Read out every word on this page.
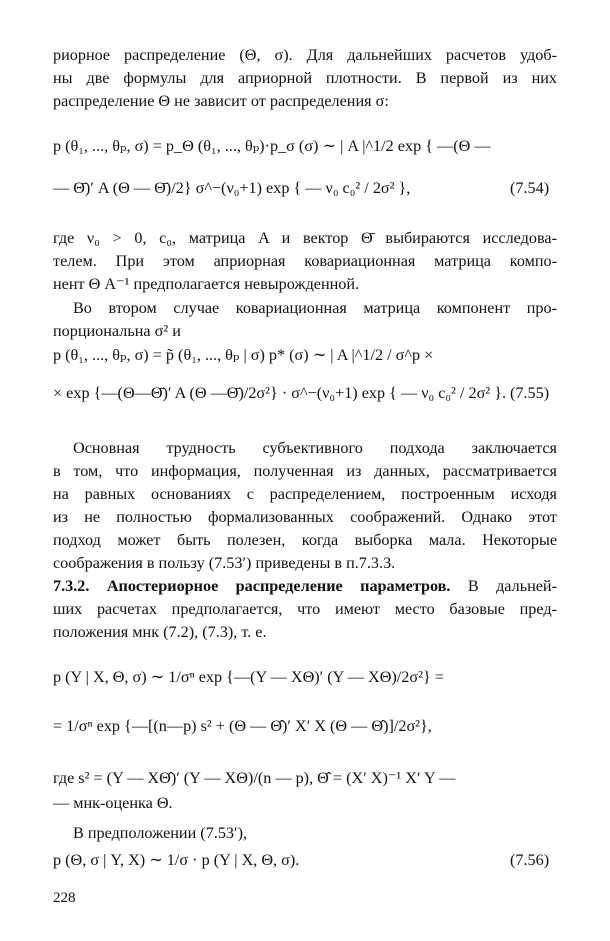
риорное распределение (Θ, σ). Для дальнейших расчетов удоб-
ны две формулы для априорной плотности. В первой из них
распределение Θ не зависит от распределения σ:
p (θ₁, ..., θₚ, σ) = p_Θ (θ₁, ..., θₚ)·p_σ (σ) ∼ | A |^1/2 exp { —(Θ —
— Θ̄)′ A (Θ — Θ̄)/2} σ^−(ν₀+1) exp { — ν₀ c₀² / 2σ² },	(7.54)
где ν₀ > 0, c₀, матрица A и вектор Θ̄ выбираются исследова-
телем. При этом априорная ковариационная матрица компо-
нент Θ A⁻¹ предполагается невырожденной.
Во втором случае ковариационная матрица компонент про-
порциональна σ² и
p (θ₁, ..., θₚ, σ) = p̃ (θ₁, ..., θₚ | σ) p* (σ) ∼ | A |^1/2 / σ^p ×
× exp {—(Θ—Θ̄)′ A (Θ —Θ̄)/2σ²} · σ^−(ν₀+1) exp { — ν₀ c₀² / 2σ² }. (7.55)
Основная трудность субъективного подхода заключается
в том, что информация, полученная из данных, рассматривается
на равных основаниях с распределением, построенным исходя
из не полностью формализованных соображений. Однако этот
подход может быть полезен, когда выборка мала. Некоторые
соображения в пользу (7.53′) приведены в п.7.3.3.
7.3.2. Апостериорное распределение параметров. В дальней-
ших расчетах предполагается, что имеют место базовые пред-
положения мнк (7.2), (7.3), т. е.
p (Y | X, Θ, σ) ∼ 1/σⁿ exp {—(Y — XΘ)′ (Y — XΘ)/2σ²} =
= 1/σⁿ exp {—[(n—p) s² + (Θ — Θ̂)′ X′ X (Θ — Θ̂)]/2σ²},
где s² = (Y — XΘ̂)′ (Y — XΘ)/(n — p), Θ̂ = (X′ X)⁻¹ X′ Y —
— мнк-оценка Θ.
В предположении (7.53′),
p (Θ, σ | Y, X) ∼ 1/σ · p (Y | X, Θ, σ).	(7.56)
228
